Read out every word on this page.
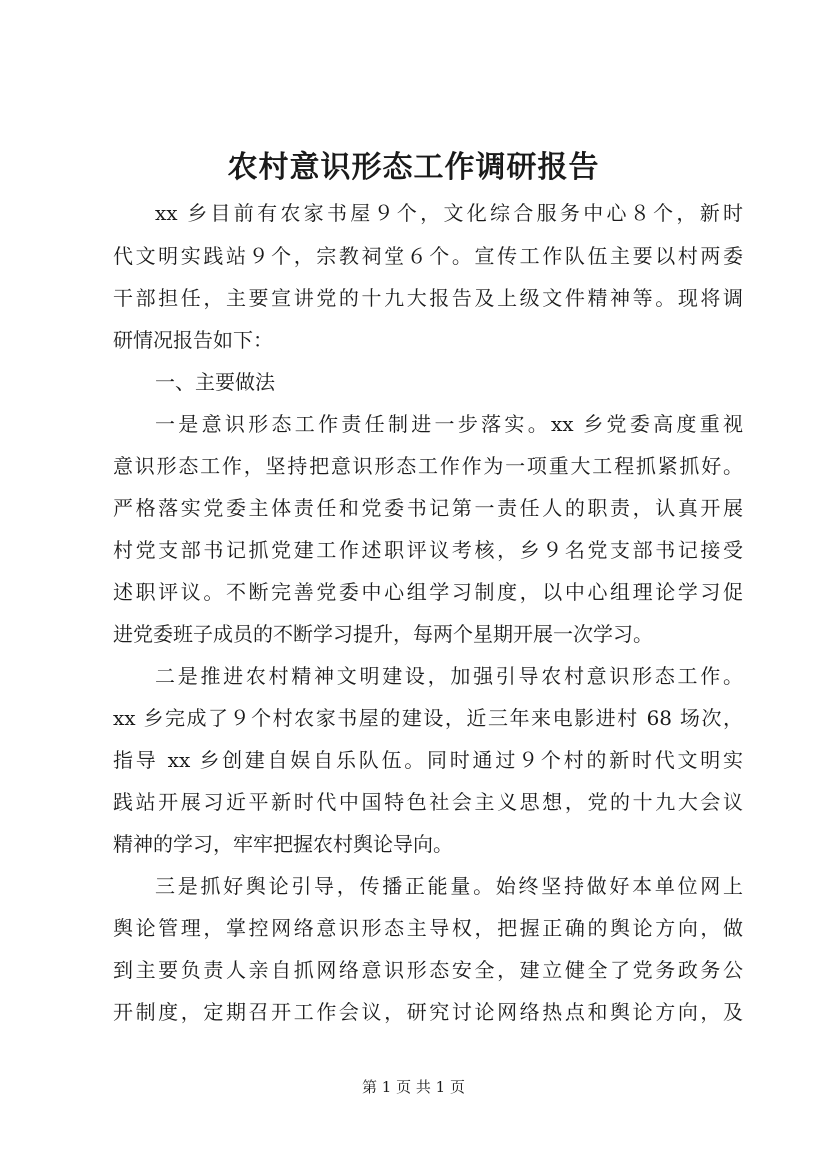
农村意识形态工作调研报告
xx 乡目前有农家书屋９个，文化综合服务中心８个，新时
代文明实践站９个，宗教祠堂６个。宣传工作队伍主要以村两委
干部担任，主要宣讲党的十九大报告及上级文件精神等。现将调
研情况报告如下：
一、主要做法
一是意识形态工作责任制进一步落实。xx 乡党委高度重视
意识形态工作，坚持把意识形态工作作为一项重大工程抓紧抓好。
严格落实党委主体责任和党委书记第一责任人的职责，认真开展
村党支部书记抓党建工作述职评议考核，乡９名党支部书记接受
述职评议。不断完善党委中心组学习制度，以中心组理论学习促
进党委班子成员的不断学习提升，每两个星期开展一次学习。
二是推进农村精神文明建设，加强引导农村意识形态工作。
xx 乡完成了９个村农家书屋的建设，近三年来电影进村 68 场次，
指导 xx 乡创建自娱自乐队伍。同时通过９个村的新时代文明实
践站开展习近平新时代中国特色社会主义思想，党的十九大会议
精神的学习，牢牢把握农村舆论导向。
三是抓好舆论引导，传播正能量。始终坚持做好本单位网上
舆论管理，掌控网络意识形态主导权，把握正确的舆论方向，做
到主要负责人亲自抓网络意识形态安全，建立健全了党务政务公
开制度，定期召开工作会议，研究讨论网络热点和舆论方向，及
第 1 页 共 1 页
